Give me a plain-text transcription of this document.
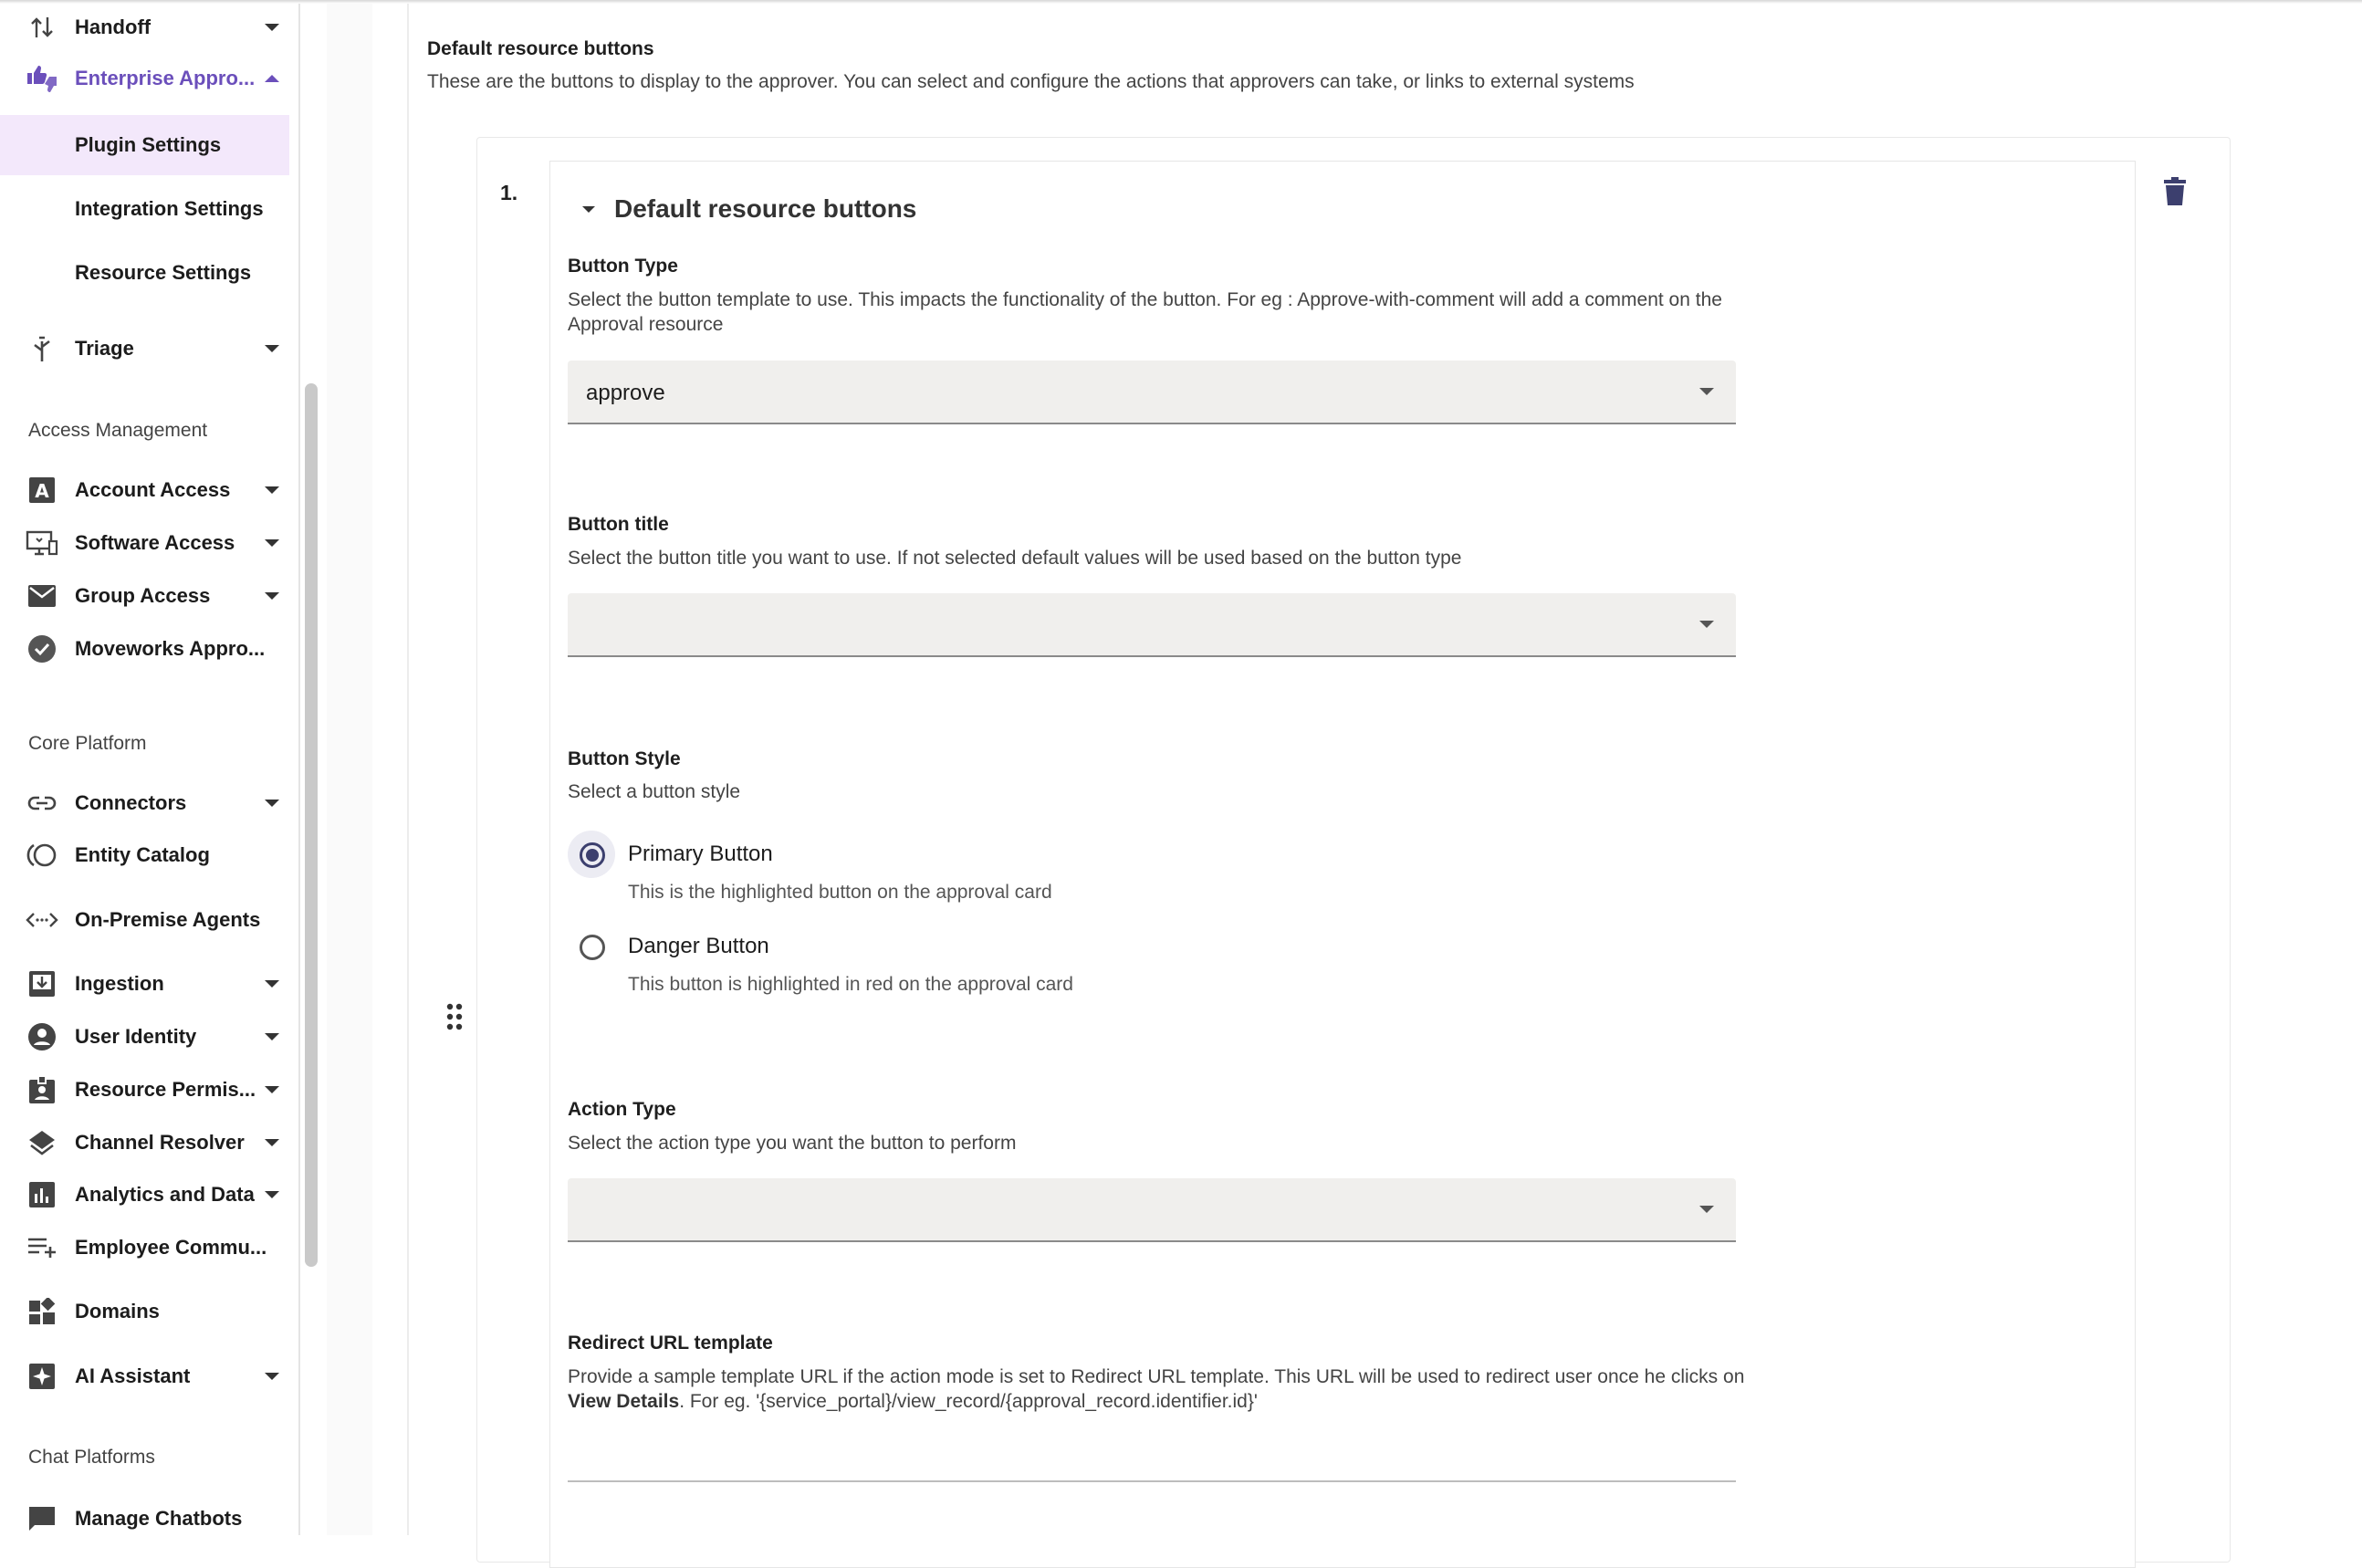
Handoff
Enterprise Appro...
Plugin Settings
Integration Settings
Resource Settings
Triage
Access Management
A Account Access
Software Access
Group Access
Moveworks Appro...
Core Platform
Connectors
Entity Catalog
On-Premise Agents
Ingestion
User Identity
Resource Permis...
Channel Resolver
Analytics and Data
Employee Commu...
Domains
AI Assistant
Chat Platforms
Manage Chatbots
Default resource buttons
These are the buttons to display to the approver. You can select and configure the actions that approvers can take, or links to external systems
1.
Default resource buttons
Button Type
Select the button template to use. This impacts the functionality of the button. For eg : Approve-with-comment will add a comment on the Approval resource
approve
Button title
Select the button title you want to use. If not selected default values will be used based on the button type
Button Style
Select a button style
Primary Button
This is the highlighted button on the approval card
Danger Button
This button is highlighted in red on the approval card
Action Type
Select the action type you want the button to perform
Redirect URL template
Provide a sample template URL if the action mode is set to Redirect URL template. This URL will be used to redirect user once he clicks on View Details. For eg. '{service_portal}/view_record/{approval_record.identifier.id}'
